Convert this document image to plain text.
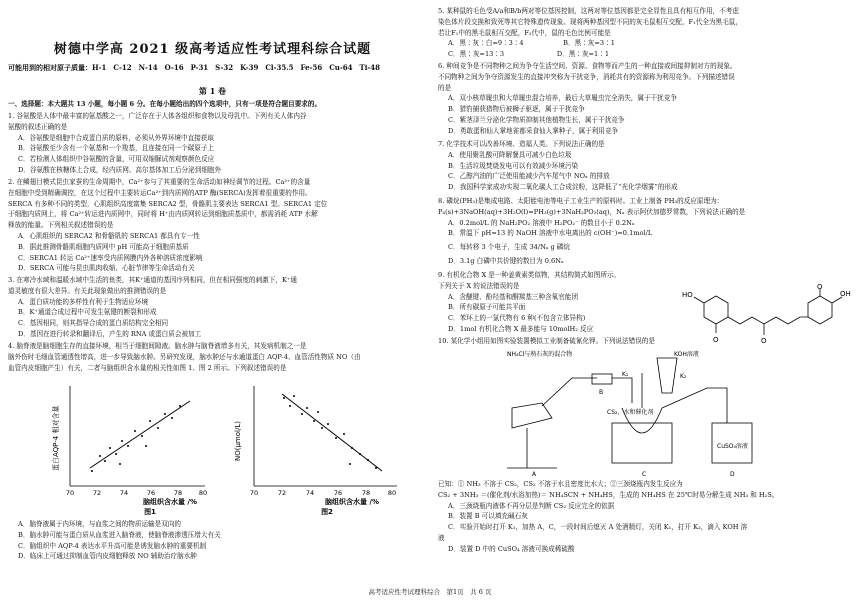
树德中学高 2021 级高考适应性考试理科综合试题
可能用到的相对原子质量：H-1　C-12　N-14　O-16　P-31　S-32　K-39　Cl-35.5　Fe-56　Cu-64　Ti-48
第 1 卷
一、选择题：本大题共 13 小题，每小题 6 分。在每小题给出的四个选项中，只有一项是符合题目要求的。
1. 谷氨酸是人体中最丰富的氨基酸之一，广泛存在于人体各组织和食物以及母乳中。下列有关人体内谷
氨酸的叙述正确的是
A．谷氨酸是细胞中合成蛋白质的原料，必须从外界环境中直接获取
B．谷氨酸至少含有一个氨基和一个羧基，且连接在同一个碳原子上
C．若检测人体组织中谷氨酸的含量，可用双缩脲试剂观察颜色反应
D．谷氨酸在核糖体上合成，经内质网、高尔基体加工后分泌到细胞外
2. 在鳞翅目模式昆虫家蚕的生命周期中，Ca²⁺参与了其重要的生命活动如神经调节的过程。Ca²⁺的含量
在细胞中受到精确调控，在这个过程中主要转运Ca²⁺到内质网的ATP 酶(SERCA)发挥着很重要的作用。
SERCA 有多种不同的类型，心肌组织高度富集 SERCA2 型，骨骼肌主要表达 SERCA1 型。SERCA1 定位
于细胞内质网上，将 Ca²⁺转运进内质网中，同时将 H⁺由内质网转运到细胞质基质中，都需消耗 ATP 水解
释放的能量。下列相关叙述错误的是
A．心肌组织的 SERCA2 和骨骼肌的 SERCA1 都具有专一性
B．据此推测骨骼肌细胞内质网中 pH 可能高于细胞质基质
C．SERCA1 转运 Ca²⁺速率受内质网膜内外各种溶质浓度影响
D．SERCA 可能与昆虫肌肉收缩、心脏节律等生命活动有关
3. 在寒冷水域和温暖水域中生活的鱼类，其K⁺通道的基因序列相同，但在相同强度的刺激下，K⁺通
道灵敏度有很大差异。有关此现象做出的推测错误的是
A．蛋白质功能的多样性有利于生物适应环境
B．K⁺通道合成过程中可发生氨键的断裂和形成
C．基因相同，则其指导合成的蛋白质结构完全相同
D．基因在进行转录和翻译后，产生的 RNA 或蛋白质会被加工
4. 脑脊液是脑细胞生存的直接环境，相当于细胞间隙液。脑水肿与脑脊液增多有关，其发病机制之一是
脑外伤时毛细血管通透性增高，进一步导致脑水肿。另研究发现，脑水肿还与水通道蛋白 AQP-4、血管活性物质 NO（由
血管内皮细胞产生）有关，二者与脑组织含水量的相关性如图 1、图 2 所示。下列叙述错误的是
蛋白AQP-4 相对含量
70	72	74	76	78	80
脑组织含水量 /%
图1
NO(μmol/L)
70	72	74	76	78	80
脑组织含水量 /%
图2
A．脑脊液属于内环境，与血浆之间的物质运输是双向的
B．脑水肿可能与蛋白质从血浆进入脑脊液，使脑脊液渗透压增大有关
C．脑组织中 AQP-4 表达水平升高可能是诱发脑水肿的重要机制
D．临床上可通过抑制血管内皮细胞释放 NO 辅助治疗脑水肿
5. 某种鼠的毛色受A/a和B/b两对等位基因控制，这两对等位基因都是完全显性且具有相互作用，不考虑
染色体片段交换和致死等其它特殊遗传现象。现将两种基因型不同的灰毛鼠相互交配，F₁代全为黑毛鼠，
若让F₁中的黑毛鼠相互交配，F₂代中，鼠的毛色比例可能是
A．黑∶灰∶白=9∶3∶4　　　　　　B．黑∶灰=3∶1
C．黑∶灰=13∶3　　　　　　　　D．黑∶灰=1∶1
6. 种间竞争是不同物种之间为争夺生活空间、资源、食物等而产生的一种直接或间接抑制对方的现象。
不同物种之间为争夺资源发生的直接冲突称为干扰竞争，消耗共有的资源称为利用竞争。下列描述错误
的是
A．双小核草履虫和大草履虫混合培养，最后大草履虫完全消失，属于干扰竞争
B．猎豹捕获猎物后被狮子驱逐，属于干扰竞争
C．紫茎泽兰分泌化学物质抑制其他植物生长，属于干扰竞争
D．勇敢蛋和仙人掌地雀都采食仙人掌种子，属于利用竞争
7. 化学技术可以改善环境、造福人类。下列说法正确的是
A．使用聚乳酸可降解餐具可减少白色垃圾
B．生活垃圾焚烧发电可以有效减少环境污染
C．乙醇汽油的广泛使用能减少汽车尾气中 NOₓ 的排放
D．我国科学家成功实现二氧化碳人工合成淀粉，这降低了“光化学烟雾”的形成
8. 磷烷(PH₃)是集成电路、太阳能电池等电子工业生产的原料时。工业上制备 PH₃的反应原理为：
P₄(s)+3NaOH(aq)+3H₂O(l)=PH₃(g)+3NaH₂PO₂(aq)，Nₐ 表示阿伏加德罗常数，下列说法正确的是
A．0.2mol/L 的 NaH₂PO₂ 溶液中 H₂PO₂⁻ 的数目小于 0.2Nₐ
B．常温下 pH=13 的 NaOH 溶液中水电离出的 c(OH⁻)=0.1mol/L
C．每转移 3 个电子，生成 34/Nₐ g 磷烷
D．3.1g 白磷中共价键的数目为 0.6Nₐ
9. 有机化合物 X 是一种姜黄素类似物，其结构简式如图所示。
下列关于 X 的说法错误的是
A．含醚键、酚羟基和酮羰基三种含氧官能团
B．所有碳原子可能共平面
C．苯环上的一氯代物有 6 种(不包含立体异构)
D．1mol 有机化合物 X 最多能与 10molH₂ 反应
HO	OH
O
O
O
10. 某化学小组用如图实验装置模拟工业制备硫氰化钾。下列说法错误的是
NH₄Cl与熟石灰的混合物	KOH溶液
CS₂、水和催化剂
CuSO₄溶液
K₁	K₂
A
B
C	D
已知：① NH₃ 不溶于 CS₂，CS₂ 不溶于水且密度比水大；②三颈烧瓶内发生反应为
CS₂ + 3NH₃ ＝(催化剂/水浴加热)＝ NH₄SCN + NH₄HS，生成的 NH₄HS 在 25℃时易分解生成 NH₃ 和 H₂S。
A．三颈烧瓶内液体不再分层是判断 CS₂ 反应完全的依据
B．装置 B 可以填充碱石灰
C．实验开始时打开 K₁，加热 A，C，一段时间后熄灭 A 处酒精灯，关闭 K₁，打开 K₂，滴入 KOH 溶
液
D．装置 D 中的 CuSO₄ 溶液可换成稀硫酸
高考适应性考试理科综合　第1页　共 6 页
